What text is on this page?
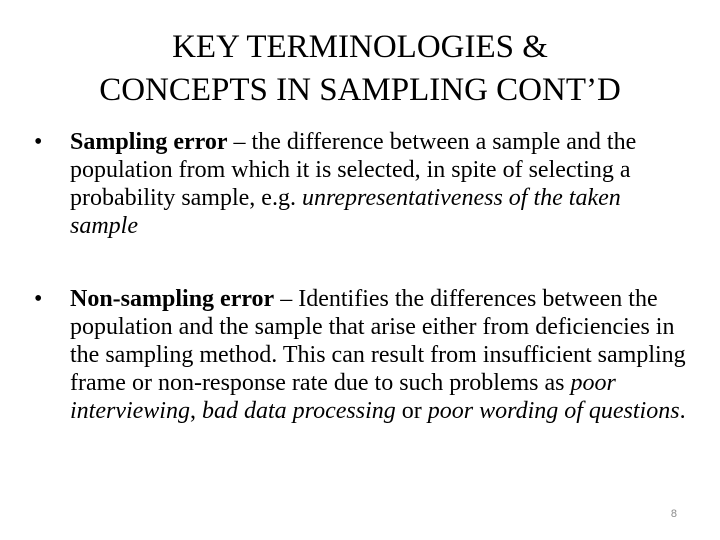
KEY TERMINOLOGIES &
CONCEPTS IN SAMPLING CONT’D
• Sampling error – the difference between a sample and the population from which it is selected, in spite of selecting a probability sample, e.g. unrepresentativeness of the taken sample
• Non-sampling error – Identifies the differences between the population and the sample that arise either from deficiencies in the sampling method. This can result from insufficient sampling frame or non-response rate due to such problems as poor interviewing, bad data processing or poor wording of questions.
8
